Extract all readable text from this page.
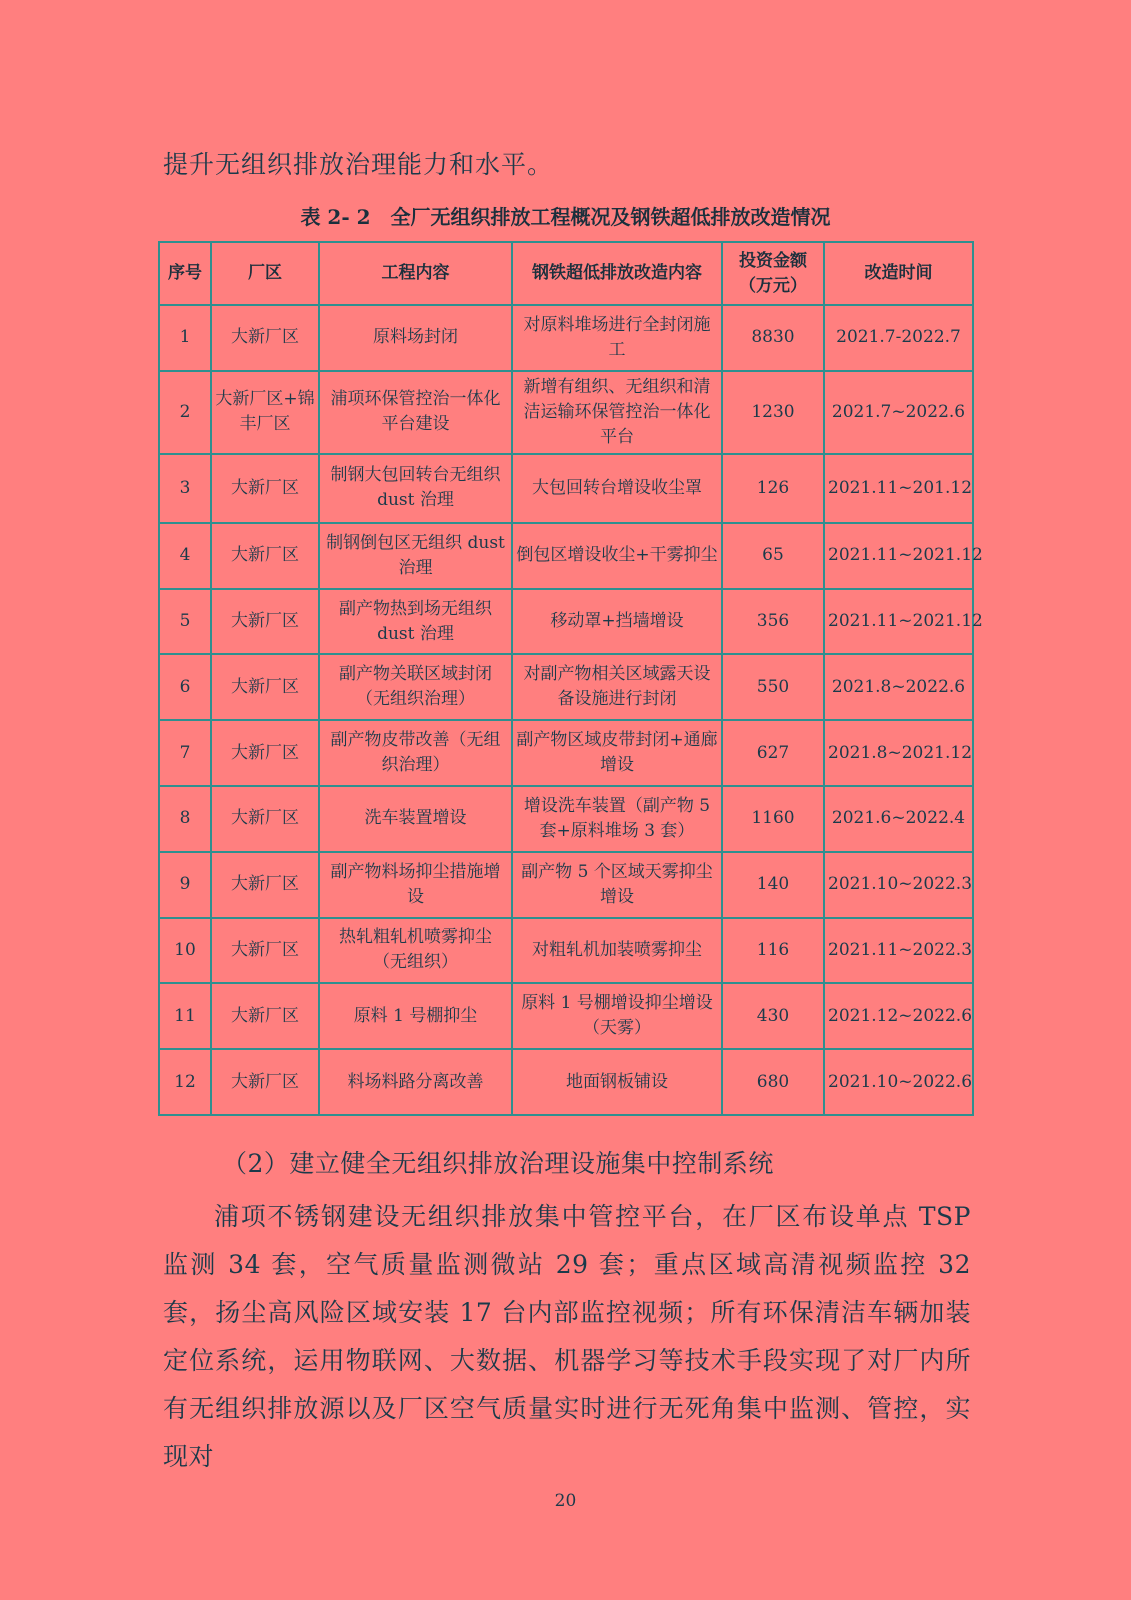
提升无组织排放治理能力和水平。
表 2- 2　全厂无组织排放工程概况及钢铁超低排放改造情况
序号	厂区	工程内容	钢铁超低排放改造内容	投资金额（万元）	改造时间
1	大新厂区	原料场封闭	对原料堆场进行全封闭施工	8830	2021.7-2022.7
2	大新厂区+锦丰厂区	浦项环保管控治一体化平台建设	新增有组织、无组织和清洁运输环保管控治一体化平台	1230	2021.7~2022.6
3	大新厂区	制钢大包回转台无组织 dust 治理	大包回转台增设收尘罩	126	2021.11~201.12
4	大新厂区	制钢倒包区无组织 dust 治理	倒包区增设收尘+干雾抑尘	65	2021.11~2021.12
5	大新厂区	副产物热到场无组织 dust 治理	移动罩+挡墙增设	356	2021.11~2021.12
6	大新厂区	副产物关联区域封闭（无组织治理）	对副产物相关区域露天设备设施进行封闭	550	2021.8~2022.6
7	大新厂区	副产物皮带改善（无组织治理）	副产物区域皮带封闭+通廊增设	627	2021.8~2021.12
8	大新厂区	洗车装置增设	增设洗车装置（副产物 5 套+原料堆场 3 套）	1160	2021.6~2022.4
9	大新厂区	副产物料场抑尘措施增设	副产物 5 个区域天雾抑尘增设	140	2021.10~2022.3
10	大新厂区	热轧粗轧机喷雾抑尘（无组织）	对粗轧机加装喷雾抑尘	116	2021.11~2022.3
11	大新厂区	原料 1 号棚抑尘	原料 1 号棚增设抑尘增设（天雾）	430	2021.12~2022.6
12	大新厂区	料场料路分离改善	地面钢板铺设	680	2021.10~2022.6
（2）建立健全无组织排放治理设施集中控制系统
浦项不锈钢建设无组织排放集中管控平台，在厂区布设单点 TSP 监测 34 套，空气质量监测微站 29 套；重点区域高清视频监控 32 套，扬尘高风险区域安装 17 台内部监控视频；所有环保清洁车辆加装定位系统，运用物联网、大数据、机器学习等技术手段实现了对厂内所有无组织排放源以及厂区空气质量实时进行无死角集中监测、管控，实现对
20
